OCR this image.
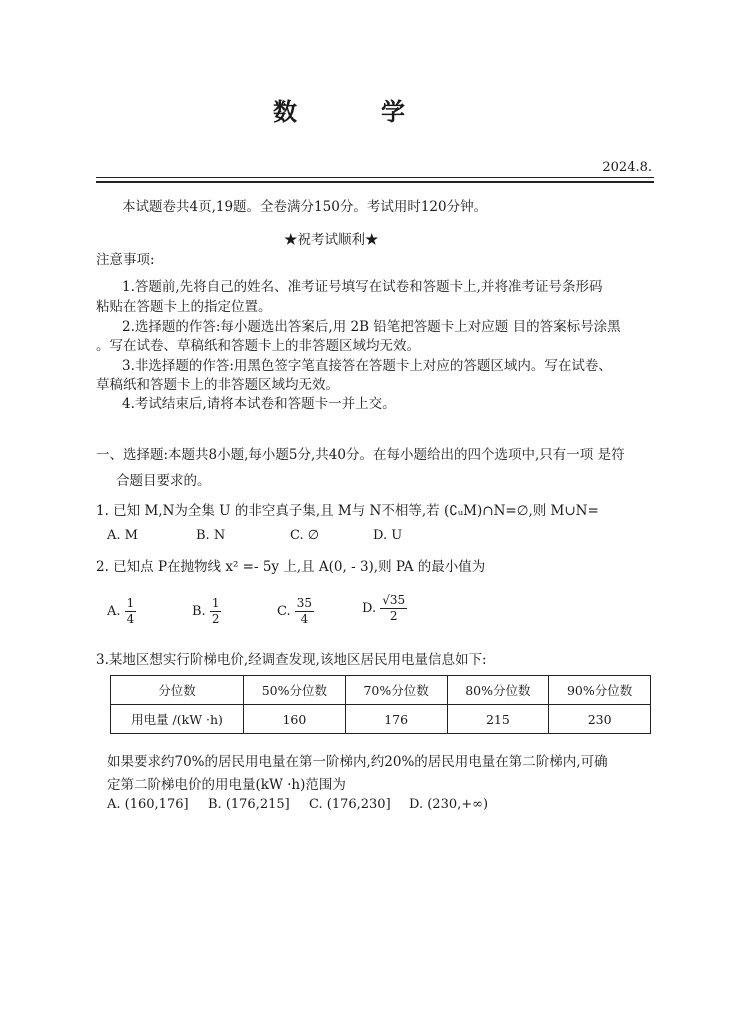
数　学
2024.8.
本试题卷共4页,19题。全卷满分150分。考试用时120分钟。
★祝考试顺利★
注意事项:
1.答题前,先将自己的姓名、准考证号填写在试卷和答题卡上,并将准考证号条形码
粘贴在答题卡上的指定位置。
2.选择题的作答:每小题选出答案后,用 2B 铅笔把答题卡上对应题 目的答案标号涂黑
。写在试卷、草稿纸和答题卡上的非答题区域均无效。
3.非选择题的作答:用黑色签字笔直接答在答题卡上对应的答题区域内。写在试卷、
草稿纸和答题卡上的非答题区域均无效。
4.考试结束后,请将本试卷和答题卡一并上交。
一、选择题:本题共8小题,每小题5分,共40分。在每小题给出的四个选项中,只有一项 是符
合题目要求的。
1. 已知 M,N为全集 U 的非空真子集,且 M与 N不相等,若 (∁ᵤM)∩N=∅,则 M∪N=
A. M	B. N	C. ∅	D. U
2. 已知点 P在抛物线 x² =- 5y 上,且 A(0, - 3),则 PA 的最小值为
A. $\frac{1}{4}$	B. $\frac{1}{2}$	C. $\frac{35}{4}$	D. $\frac{√35}{2}$
3.某地区想实行阶梯电价,经调查发现,该地区居民用电量信息如下:
分位数	50%分位数	70%分位数	80%分位数	90%分位数
用电量 /(kW ·h)	160	176	215	230
如果要求约70%的居民用电量在第一阶梯内,约20%的居民用电量在第二阶梯内,可确
定第二阶梯电价的用电量(kW ·h)范围为
A. (160,176] B. (176,215] C. (176,230] D. (230,+∞)
